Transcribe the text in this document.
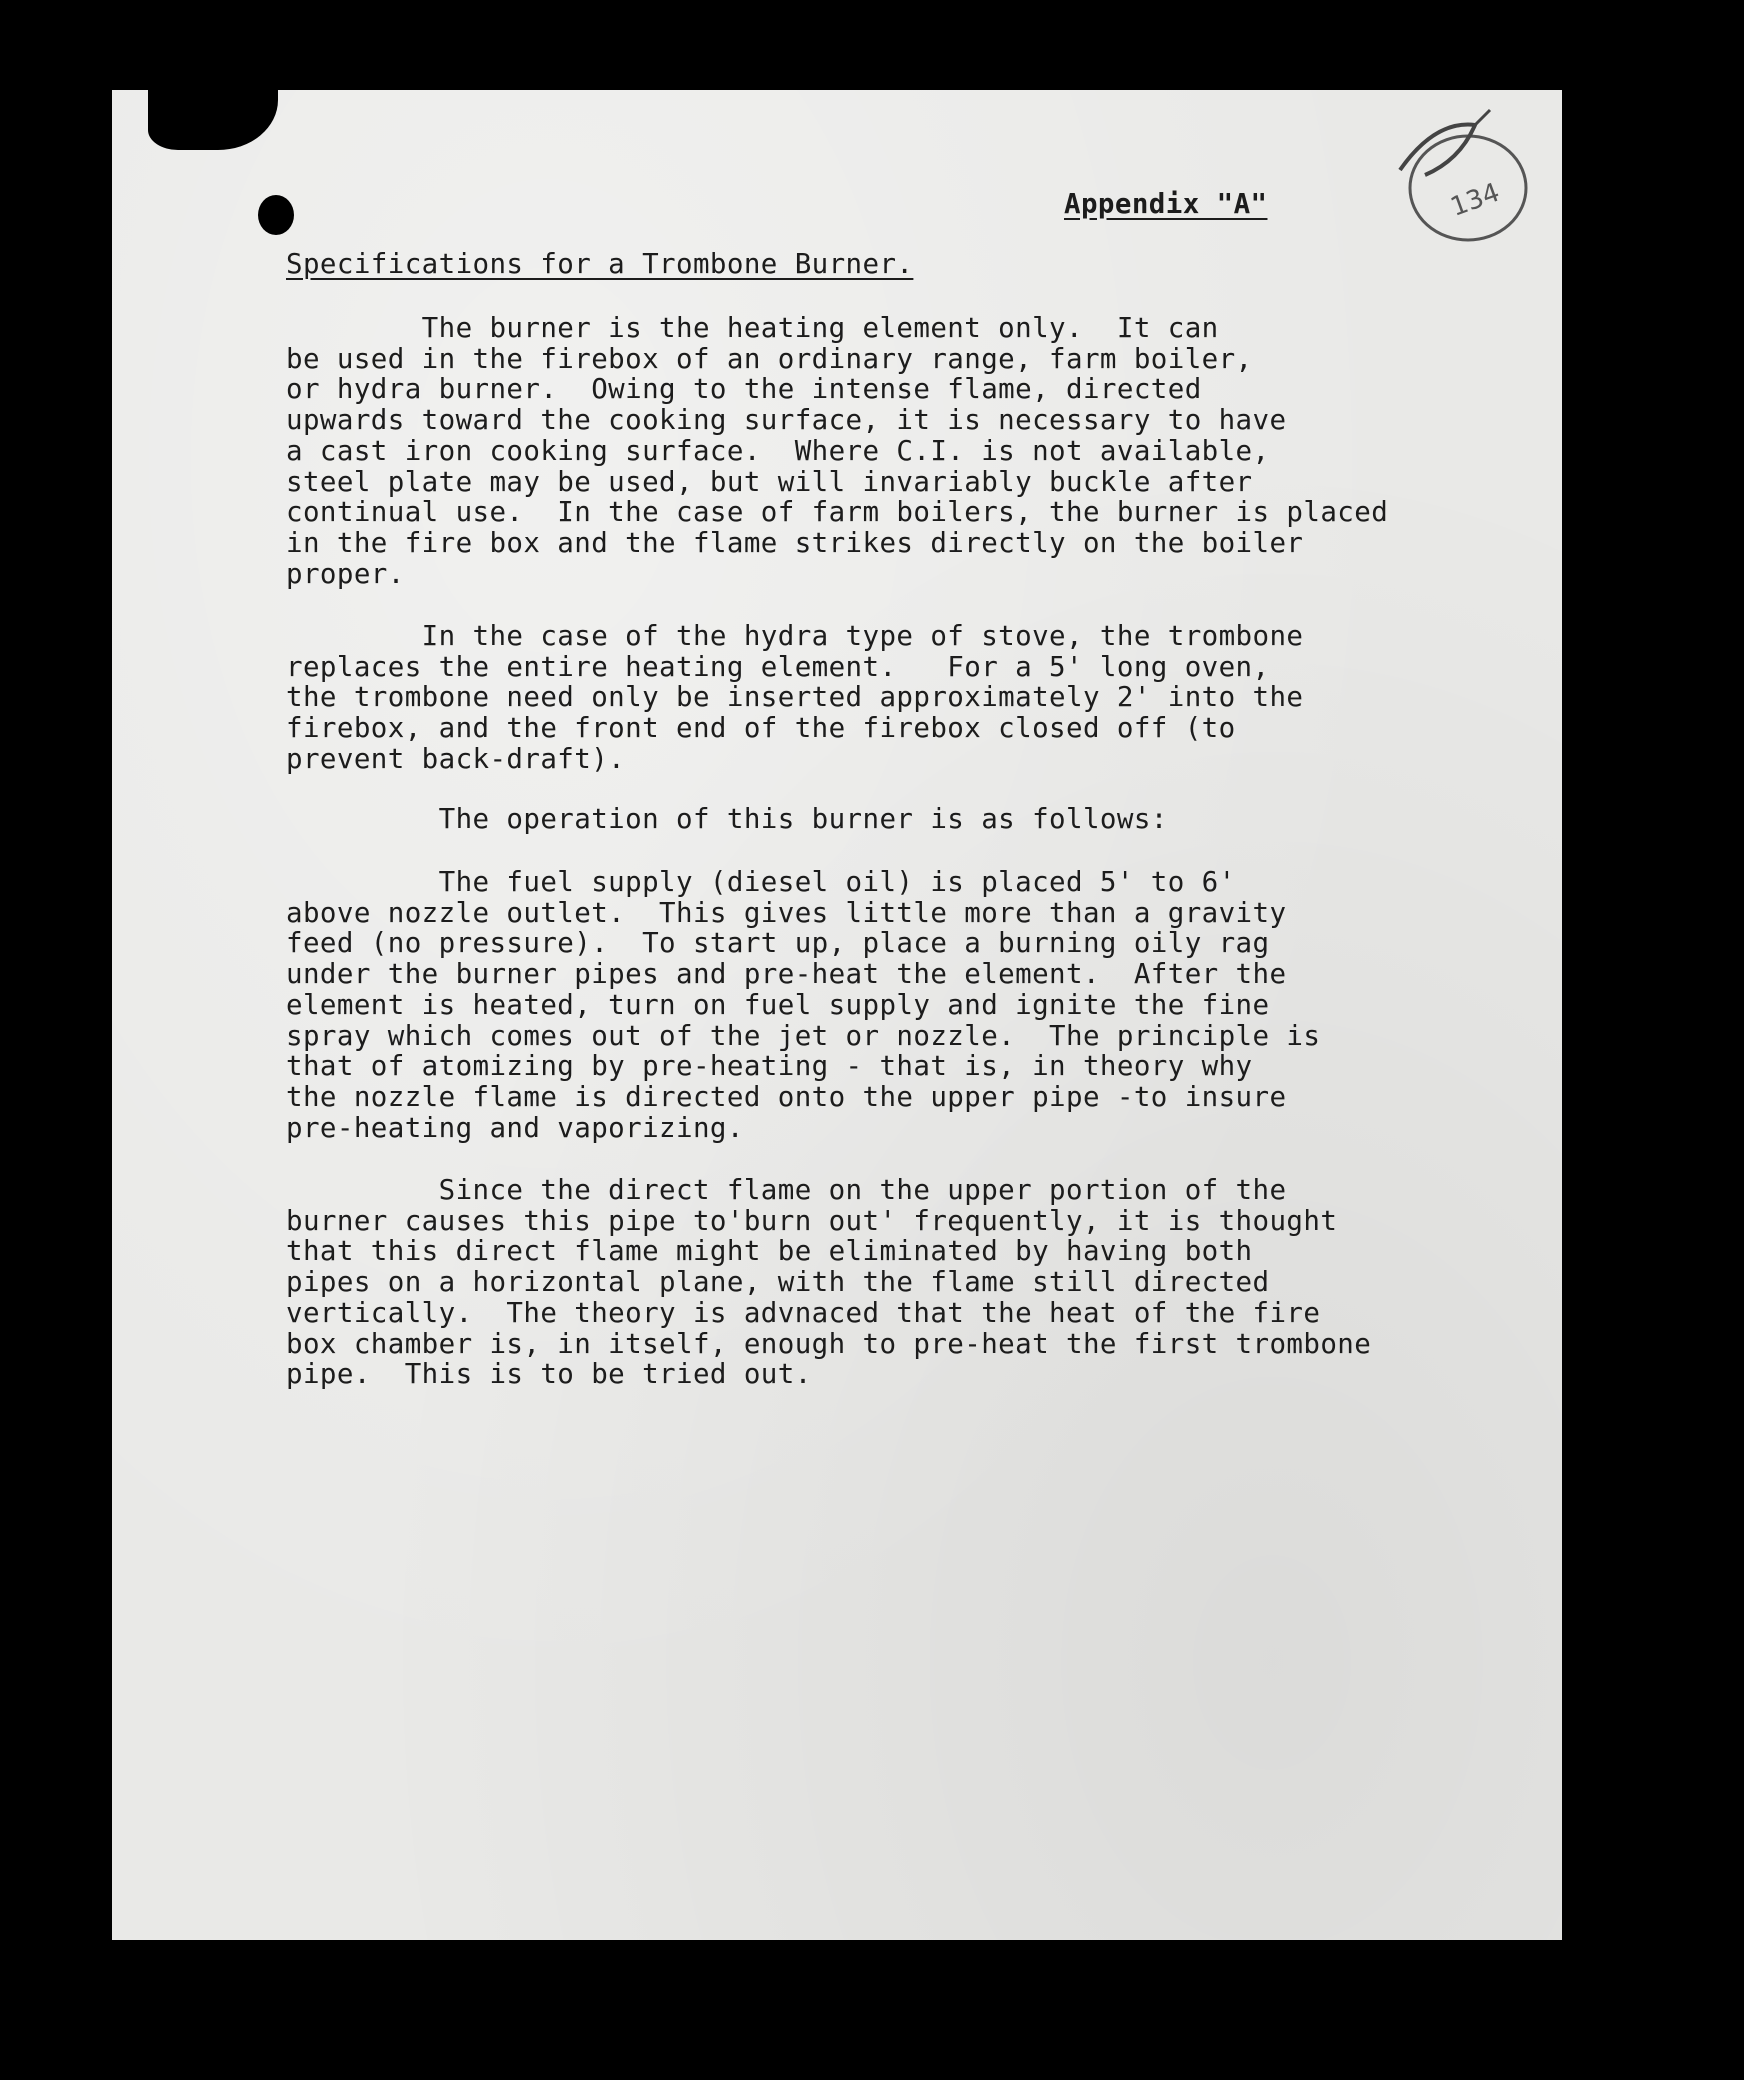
134
Appendix "A"
Specifications for a Trombone Burner.
The burner is the heating element only.  It can
be used in the firebox of an ordinary range, farm boiler,
or hydra burner.  Owing to the intense flame, directed
upwards toward the cooking surface, it is necessary to have
a cast iron cooking surface.  Where C.I. is not available,
steel plate may be used, but will invariably buckle after
continual use.  In the case of farm boilers, the burner is placed
in the fire box and the flame strikes directly on the boiler
proper.
In the case of the hydra type of stove, the trombone
replaces the entire heating element.   For a 5' long oven,
the trombone need only be inserted approximately 2' into the
firebox, and the front end of the firebox closed off (to
prevent back-draft).
The operation of this burner is as follows:
The fuel supply (diesel oil) is placed 5' to 6'
above nozzle outlet.  This gives little more than a gravity
feed (no pressure).  To start up, place a burning oily rag
under the burner pipes and pre-heat the element.  After the
element is heated, turn on fuel supply and ignite the fine
spray which comes out of the jet or nozzle.  The principle is
that of atomizing by pre-heating - that is, in theory why
the nozzle flame is directed onto the upper pipe -to insure
pre-heating and vaporizing.
Since the direct flame on the upper portion of the
burner causes this pipe to'burn out' frequently, it is thought
that this direct flame might be eliminated by having both
pipes on a horizontal plane, with the flame still directed
vertically.  The theory is advnaced that the heat of the fire
box chamber is, in itself, enough to pre-heat the first trombone
pipe.  This is to be tried out.
